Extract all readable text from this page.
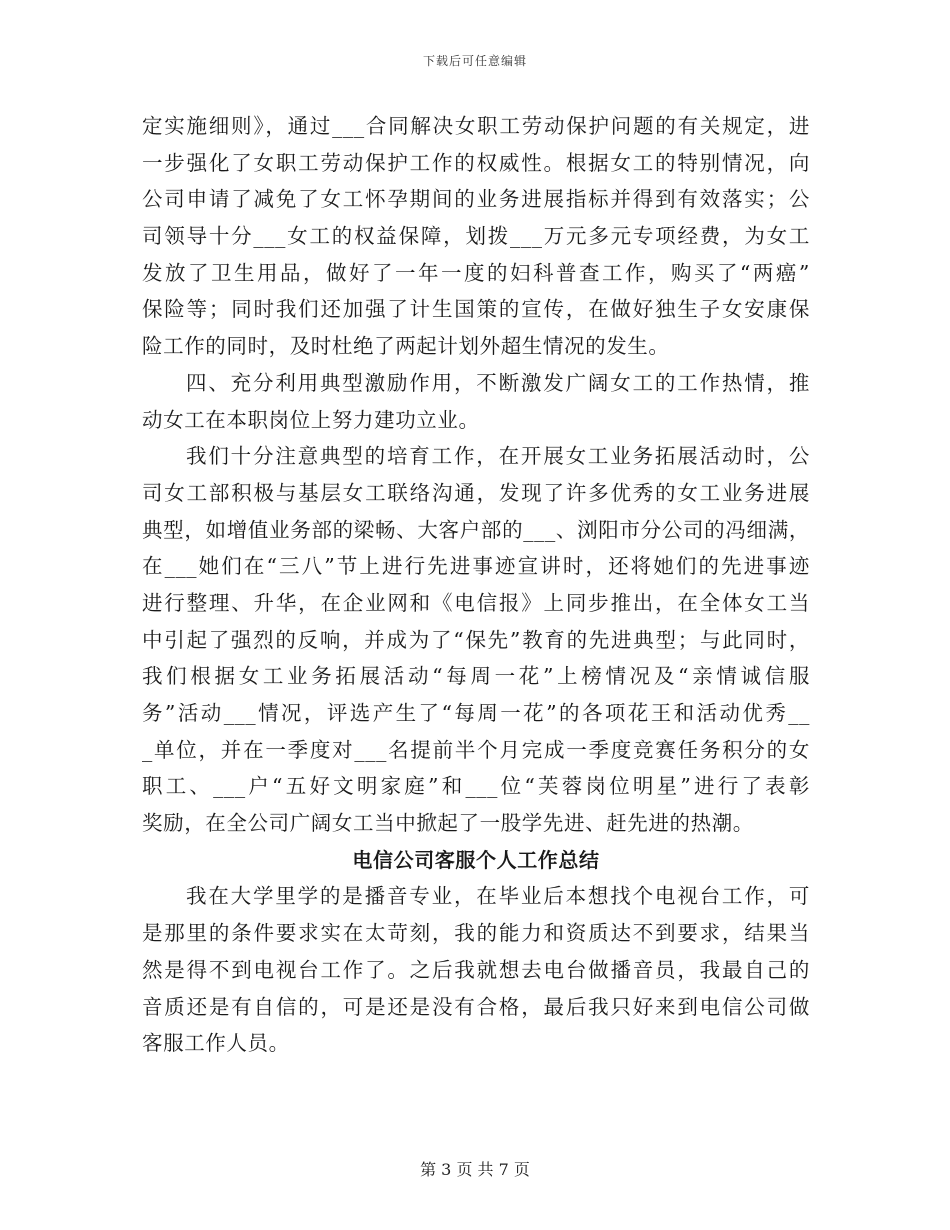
下载后可任意编辑
定实施细则》，通过___合同解决女职工劳动保护问题的有关规定，进
一步强化了女职工劳动保护工作的权威性。根据女工的特别情况，向
公司申请了减免了女工怀孕期间的业务进展指标并得到有效落实；公
司领导十分___女工的权益保障，划拨___万元多元专项经费，为女工
发放了卫生用品，做好了一年一度的妇科普查工作，购买了“两癌”
保险等；同时我们还加强了计生国策的宣传，在做好独生子女安康保
险工作的同时，及时杜绝了两起计划外超生情况的发生。
四、充分利用典型激励作用，不断激发广阔女工的工作热情，推
动女工在本职岗位上努力建功立业。
我们十分注意典型的培育工作，在开展女工业务拓展活动时，公
司女工部积极与基层女工联络沟通，发现了许多优秀的女工业务进展
典型，如增值业务部的梁畅、大客户部的___、浏阳市分公司的冯细满，
在___她们在“三八”节上进行先进事迹宣讲时，还将她们的先进事迹
进行整理、升华，在企业网和《电信报》上同步推出，在全体女工当
中引起了强烈的反响，并成为了“保先”教育的先进典型；与此同时，
我们根据女工业务拓展活动“每周一花”上榜情况及“亲情诚信服
务”活动___情况，评选产生了“每周一花”的各项花王和活动优秀__
_单位，并在一季度对___名提前半个月完成一季度竞赛任务积分的女
职工、___户“五好文明家庭”和___位“芙蓉岗位明星”进行了表彰
奖励，在全公司广阔女工当中掀起了一股学先进、赶先进的热潮。
电信公司客服个人工作总结
我在大学里学的是播音专业，在毕业后本想找个电视台工作，可
是那里的条件要求实在太苛刻，我的能力和资质达不到要求，结果当
然是得不到电视台工作了。之后我就想去电台做播音员，我最自己的
音质还是有自信的，可是还是没有合格，最后我只好来到电信公司做
客服工作人员。
第 3 页 共 7 页
